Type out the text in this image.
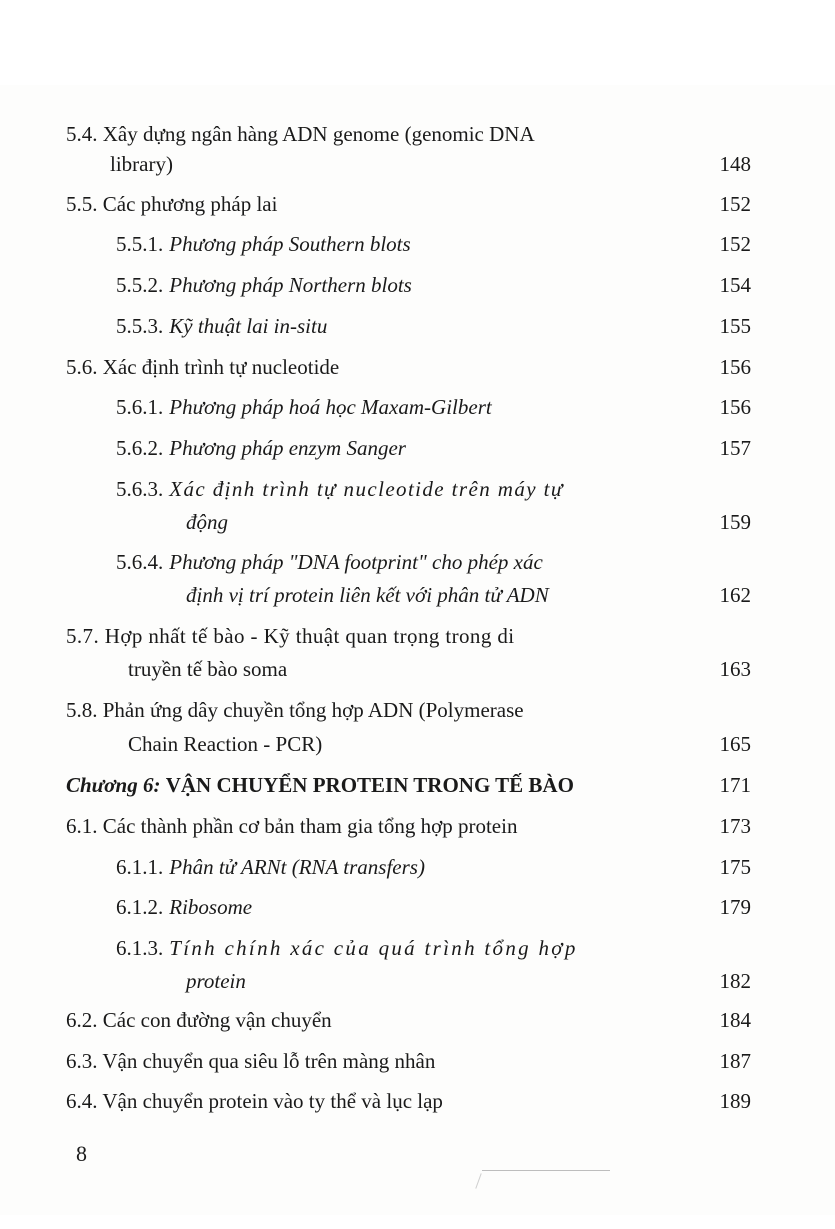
5.4. Xây dựng ngân hàng ADN genome (genomic DNA
library)	148
5.5. Các phương pháp lai	152
5.5.1. Phương pháp Southern blots	152
5.5.2. Phương pháp Northern blots	154
5.5.3. Kỹ thuật lai in-situ	155
5.6. Xác định trình tự nucleotide	156
5.6.1. Phương pháp hoá học Maxam-Gilbert	156
5.6.2. Phương pháp enzym Sanger	157
5.6.3. Xác định trình tự nucleotide trên máy tự
động	159
5.6.4. Phương pháp "DNA footprint" cho phép xác
định vị trí protein liên kết với phân tử ADN	162
5.7. Hợp nhất tế bào - Kỹ thuật quan trọng trong di
truyền tế bào soma	163
5.8. Phản ứng dây chuyền tổng hợp ADN (Polymerase
Chain Reaction - PCR)	165
Chương 6: VẬN CHUYỂN PROTEIN TRONG TẾ BÀO	171
6.1. Các thành phần cơ bản tham gia tổng hợp protein	173
6.1.1. Phân tử ARNt (RNA transfers)	175
6.1.2. Ribosome	179
6.1.3. Tính chính xác của quá trình tổng hợp
protein	182
6.2. Các con đường vận chuyển	184
6.3. Vận chuyển qua siêu lỗ trên màng nhân	187
6.4. Vận chuyển protein vào ty thể và lục lạp	189
8
